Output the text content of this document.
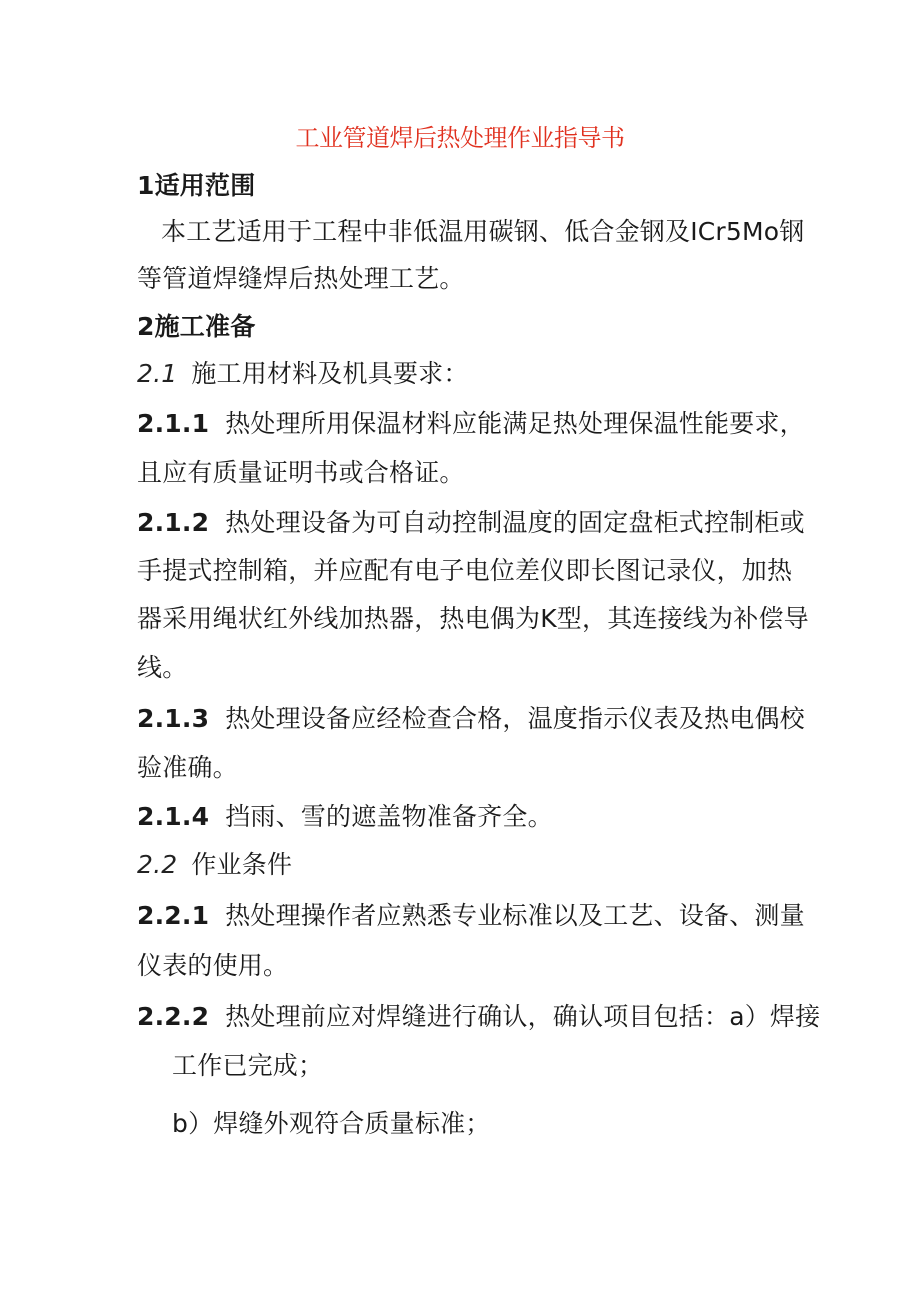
工业管道焊后热处理作业指导书
1适用范围
本工艺适用于工程中非低温用碳钢、低合金钢及ICr5Mo钢
等管道焊缝焊后热处理工艺。
2施工准备
2.1 施工用材料及机具要求：
2.1.1 热处理所用保温材料应能满足热处理保温性能要求，
且应有质量证明书或合格证。
2.1.2 热处理设备为可自动控制温度的固定盘柜式控制柜或
手提式控制箱，并应配有电子电位差仪即长图记录仪，加热
器采用绳状红外线加热器，热电偶为K型，其连接线为补偿导
线。
2.1.3 热处理设备应经检查合格，温度指示仪表及热电偶校
验准确。
2.1.4 挡雨、雪的遮盖物准备齐全。
2.2 作业条件
2.2.1 热处理操作者应熟悉专业标准以及工艺、设备、测量
仪表的使用。
2.2.2 热处理前应对焊缝进行确认，确认项目包括：a）焊接
工作已完成；
b）焊缝外观符合质量标准；
